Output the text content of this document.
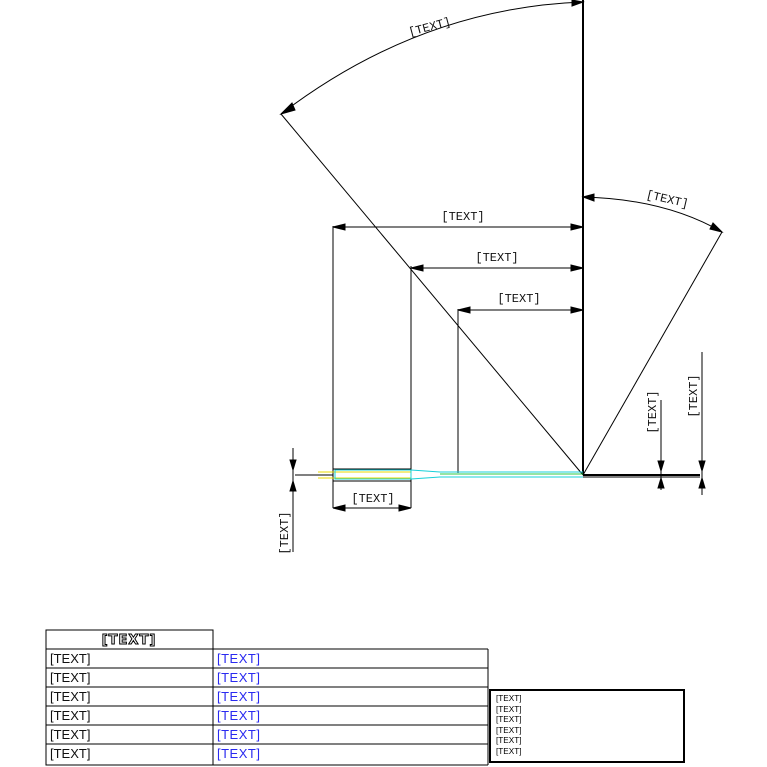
[TEXT]
[TEXT]
[TEXT]
[TEXT]
[TEXT]
[TEXT]
[TEXT] [TEXT]
[TEXT]
[TEXT]
[TEXT]	[TEXT]
[TEXT]	[TEXT]
[TEXT]	[TEXT]
[TEXT]	[TEXT]
[TEXT]	[TEXT]
[TEXT]	[TEXT]
[TEXT]
[TEXT]
[TEXT]
[TEXT]
[TEXT]
[TEXT]
